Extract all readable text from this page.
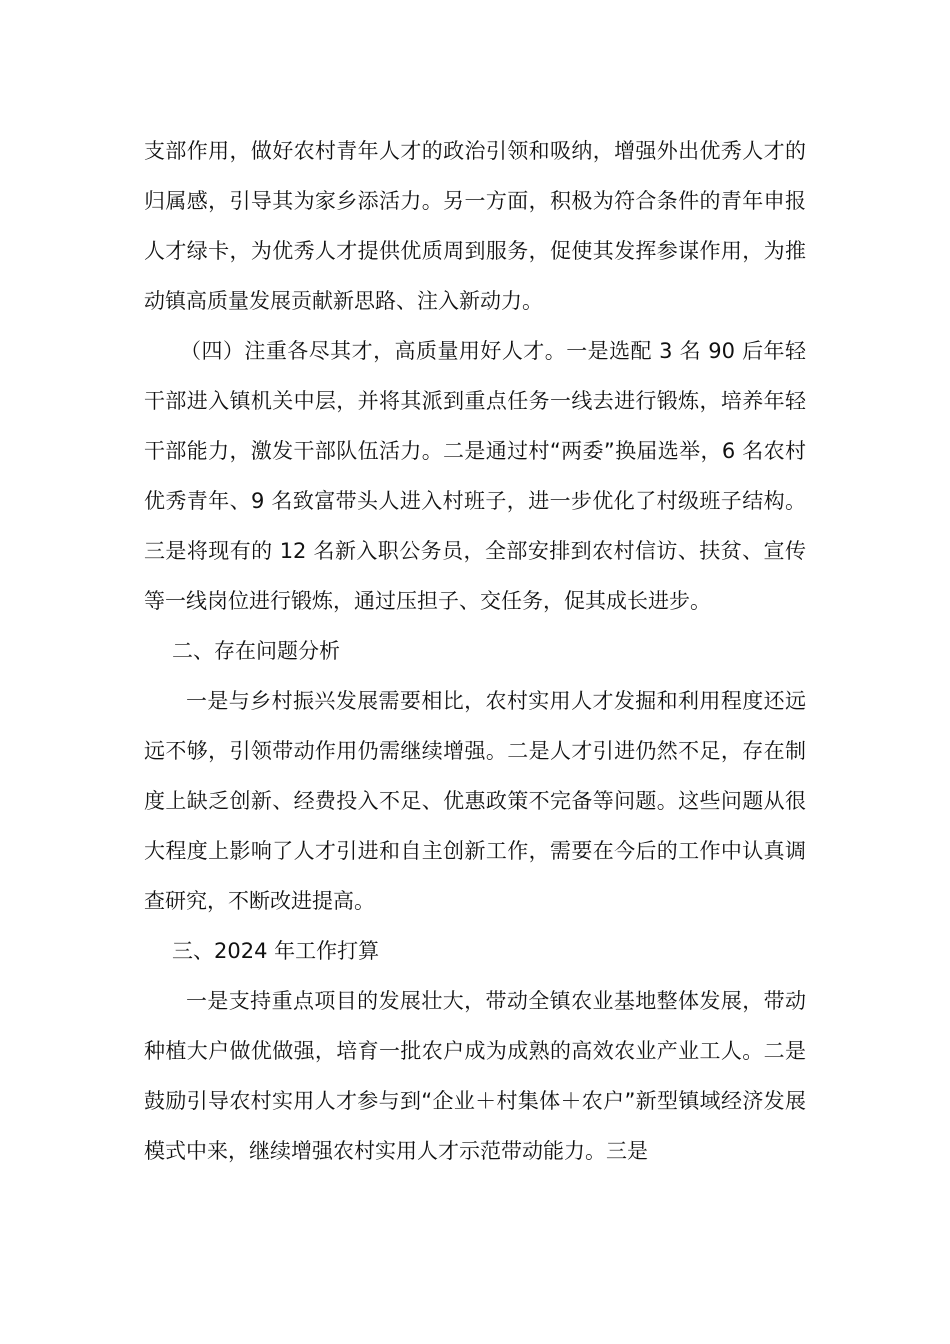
支部作用，做好农村青年人才的政治引领和吸纳，增强外出优秀人才的归属感，引导其为家乡添活力。另一方面，积极为符合条件的青年申报人才绿卡，为优秀人才提供优质周到服务，促使其发挥参谋作用，为推动镇高质量发展贡献新思路、注入新动力。

（四）注重各尽其才，高质量用好人才。一是选配 3 名 90 后年轻干部进入镇机关中层，并将其派到重点任务一线去进行锻炼，培养年轻干部能力，激发干部队伍活力。二是通过村“两委”换届选举，6 名农村优秀青年、9 名致富带头人进入村班子，进一步优化了村级班子结构。三是将现有的 12 名新入职公务员，全部安排到农村信访、扶贫、宣传等一线岗位进行锻炼，通过压担子、交任务，促其成长进步。

二、存在问题分析

一是与乡村振兴发展需要相比，农村实用人才发掘和利用程度还远远不够，引领带动作用仍需继续增强。二是人才引进仍然不足，存在制度上缺乏创新、经费投入不足、优惠政策不完备等问题。这些问题从很大程度上影响了人才引进和自主创新工作，需要在今后的工作中认真调查研究，不断改进提高。

三、2024 年工作打算

一是支持重点项目的发展壮大，带动全镇农业基地整体发展，带动种植大户做优做强，培育一批农户成为成熟的高效农业产业工人。二是鼓励引导农村实用人才参与到“企业＋村集体＋农户”新型镇域经济发展模式中来，继续增强农村实用人才示范带动能力。三是
